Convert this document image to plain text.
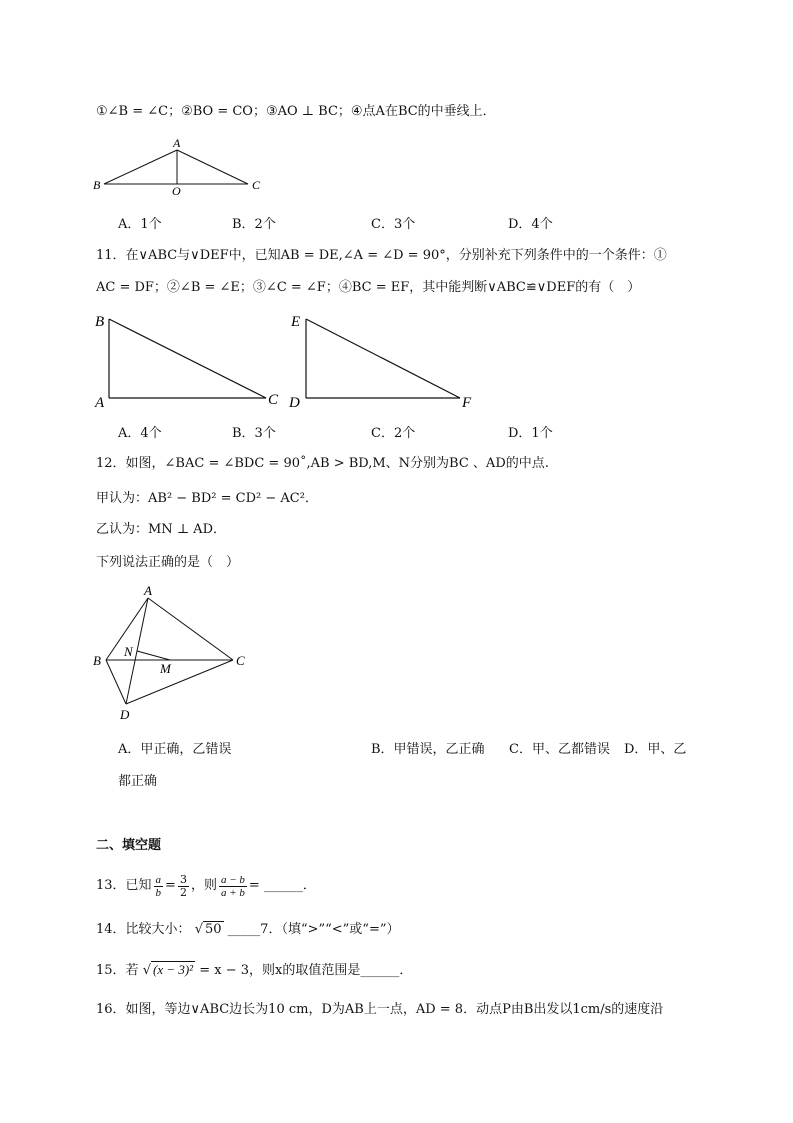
①∠B = ∠C；②BO = CO；③AO ⊥ BC；④点A在BC的中垂线上．
A
B	C
O
A．1个	B．2个	C．3个	D．4个
11．在∨ABC与∨DEF中，已知AB = DE,∠A = ∠D = 90°，分别补充下列条件中的一个条件：①
AC = DF；②∠B = ∠E；③∠C = ∠F；④BC = EF，其中能判断∨ABC≌∨DEF的有（　）
B
A	C
E
D	F
A．4个	B．3个	C．2个	D．1个
12．如图，∠BAC = ∠BDC = 90˚,AB > BD,M、N分别为BC 、AD的中点.
甲认为：AB² − BD² = CD² − AC²．
乙认为：MN ⊥ AD．
下列说法正确的是（　）
A
B	C
D
N
M
A．甲正确，乙错误	B．甲错误，乙正确 C．甲、乙都错误 D．甲、乙
都正确
二、填空题
13．已知 $\frac{a}{b} = \frac{3}{2}$ ，则 $\frac{a - b}{a + b}$ = ______．
14．比较大小： √ 50 _____7．（填“>”“<”或“=”）
15．若 √ (x − 3)² = x − 3，则x的取值范围是______．
16．如图，等边∨ABC边长为10 cm，D为AB上一点，AD = 8．动点P由B出发以1cm/s的速度沿
